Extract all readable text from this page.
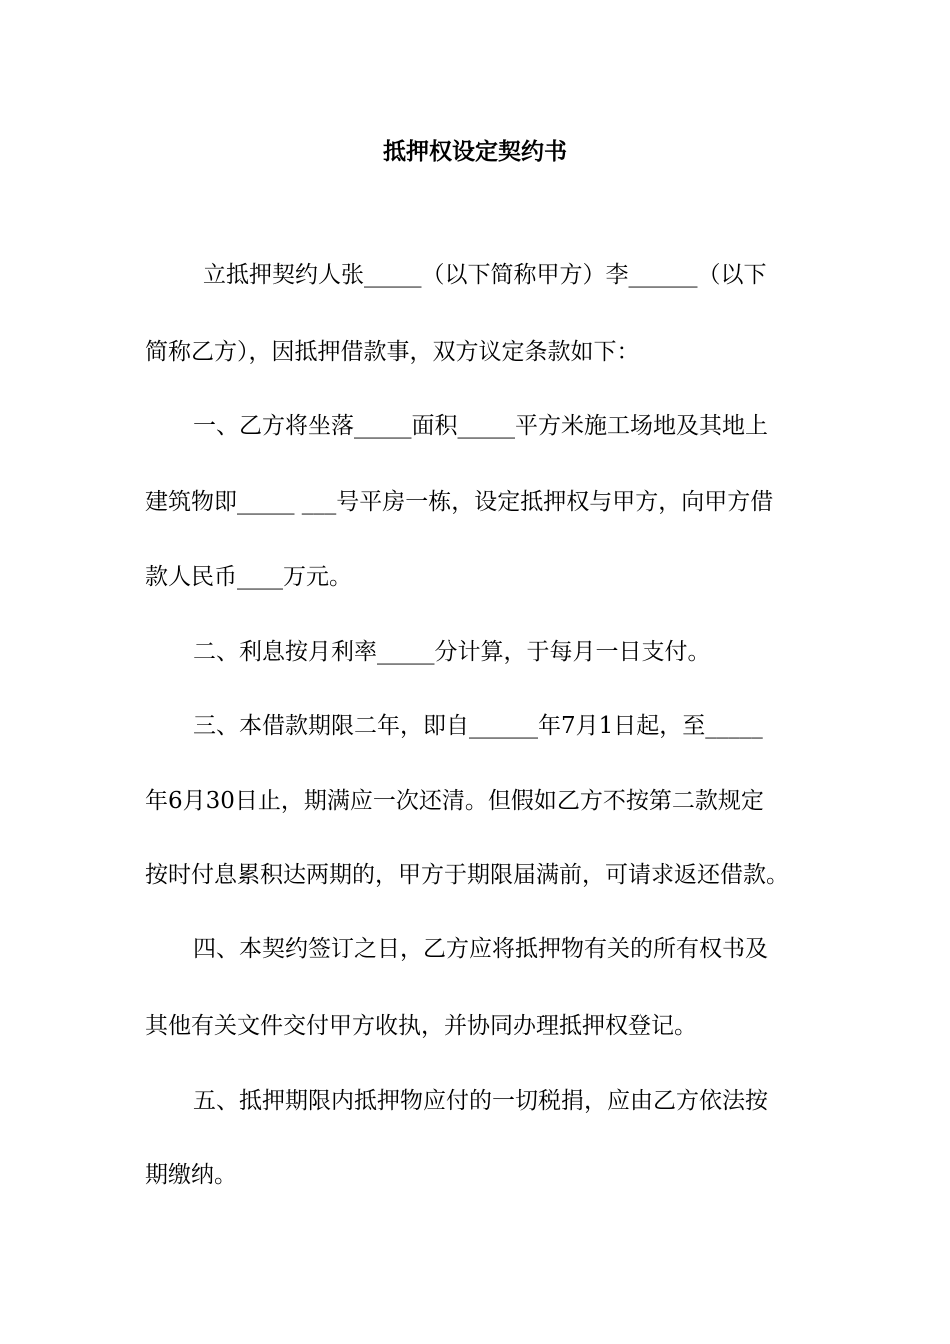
抵押权设定契约书
立抵押契约人张_____（以下简称甲方）李______（以下
简称乙方），因抵押借款事，双方议定条款如下：
一、乙方将坐落_____面积_____平方米施工场地及其地上
建筑物即_____ ___号平房一栋，设定抵押权与甲方，向甲方借
款人民币____万元。
二、利息按月利率_____分计算，于每月一日支付。
三、本借款期限二年，即自______年7月1日起，至_____
年6月30日止，期满应一次还清。但假如乙方不按第二款规定
按时付息累积达两期的，甲方于期限届满前，可请求返还借款。
四、本契约签订之日，乙方应将抵押物有关的所有权书及
其他有关文件交付甲方收执，并协同办理抵押权登记。
五、抵押期限内抵押物应付的一切税捐，应由乙方依法按
期缴纳。
